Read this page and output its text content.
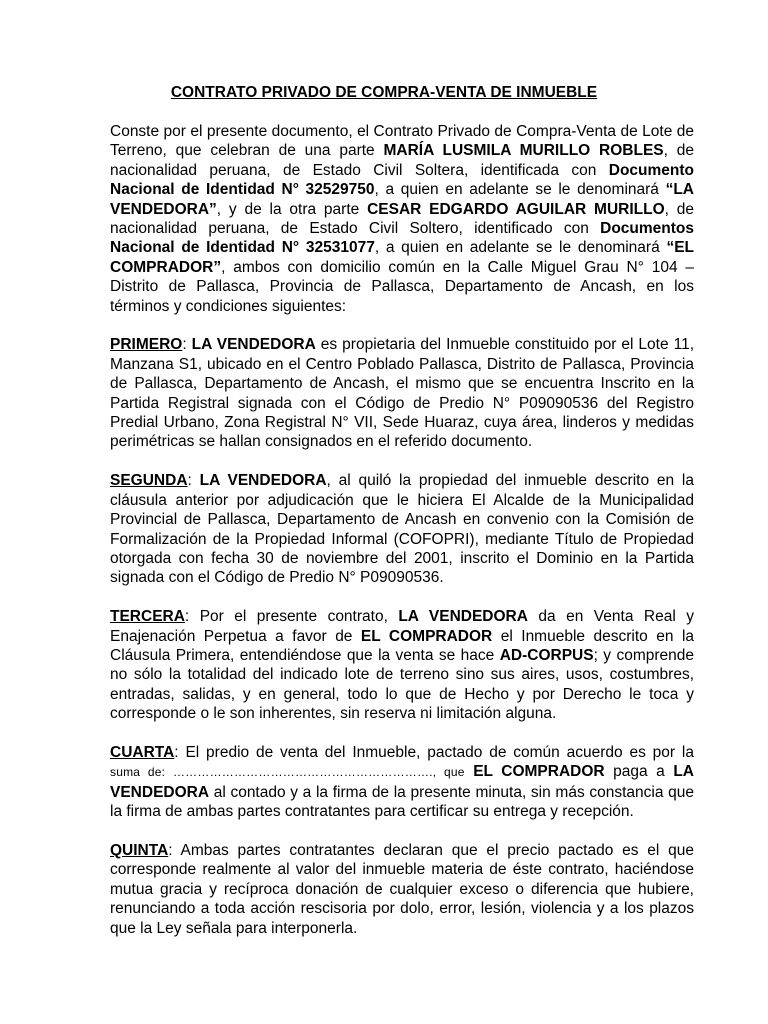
CONTRATO PRIVADO DE COMPRA-VENTA DE INMUEBLE

Conste por el presente documento, el Contrato Privado de Compra-Venta de Lote de Terreno, que celebran de una parte MARÍA LUSMILA MURILLO ROBLES, de nacionalidad peruana, de Estado Civil Soltera, identificada con Documento Nacional de Identidad N° 32529750, a quien en adelante se le denominará “LA VENDEDORA”, y de la otra parte CESAR EDGARDO AGUILAR MURILLO, de nacionalidad peruana, de Estado Civil Soltero, identificado con Documentos Nacional de Identidad N° 32531077, a quien en adelante se le denominará “EL COMPRADOR”, ambos con domicilio común en la Calle Miguel Grau N° 104 – Distrito de Pallasca, Provincia de Pallasca, Departamento de Ancash, en los términos y condiciones siguientes:

PRIMERO: LA VENDEDORA es propietaria del Inmueble constituido por el Lote 11, Manzana S1, ubicado en el Centro Poblado Pallasca, Distrito de Pallasca, Provincia de Pallasca, Departamento de Ancash, el mismo que se encuentra Inscrito en la Partida Registral signada con el Código de Predio N° P09090536 del Registro Predial Urbano, Zona Registral N° VII, Sede Huaraz, cuya área, linderos y medidas perimétricas se hallan consignados en el referido documento.

SEGUNDA: LA VENDEDORA, al quiló la propiedad del inmueble descrito en la cláusula anterior por adjudicación que le hiciera El Alcalde de la Municipalidad Provincial de Pallasca, Departamento de Ancash en convenio con la Comisión de Formalización de la Propiedad Informal (COFOPRI), mediante Título de Propiedad otorgada con fecha 30 de noviembre del 2001, inscrito el Dominio en la Partida signada con el Código de Predio N° P09090536.

TERCERA: Por el presente contrato, LA VENDEDORA da en Venta Real y Enajenación Perpetua a favor de EL COMPRADOR el Inmueble descrito en la Cláusula Primera, entendiéndose que la venta se hace AD-CORPUS; y comprende no sólo la totalidad del indicado lote de terreno sino sus aires, usos, costumbres, entradas, salidas, y en general, todo lo que de Hecho y por Derecho le toca y corresponde o le son inherentes, sin reserva ni limitación alguna.

CUARTA: El predio de venta del Inmueble, pactado de común acuerdo es por la suma de: ………………………………………………………., que EL COMPRADOR paga a LA VENDEDORA al contado y a la firma de la presente minuta, sin más constancia que la firma de ambas partes contratantes para certificar su entrega y recepción.

QUINTA: Ambas partes contratantes declaran que el precio pactado es el que corresponde realmente al valor del inmueble materia de éste contrato, haciéndose mutua gracia y recíproca donación de cualquier exceso o diferencia que hubiere, renunciando a toda acción rescisoria por dolo, error, lesión, violencia y a los plazos que la Ley señala para interponerla.
